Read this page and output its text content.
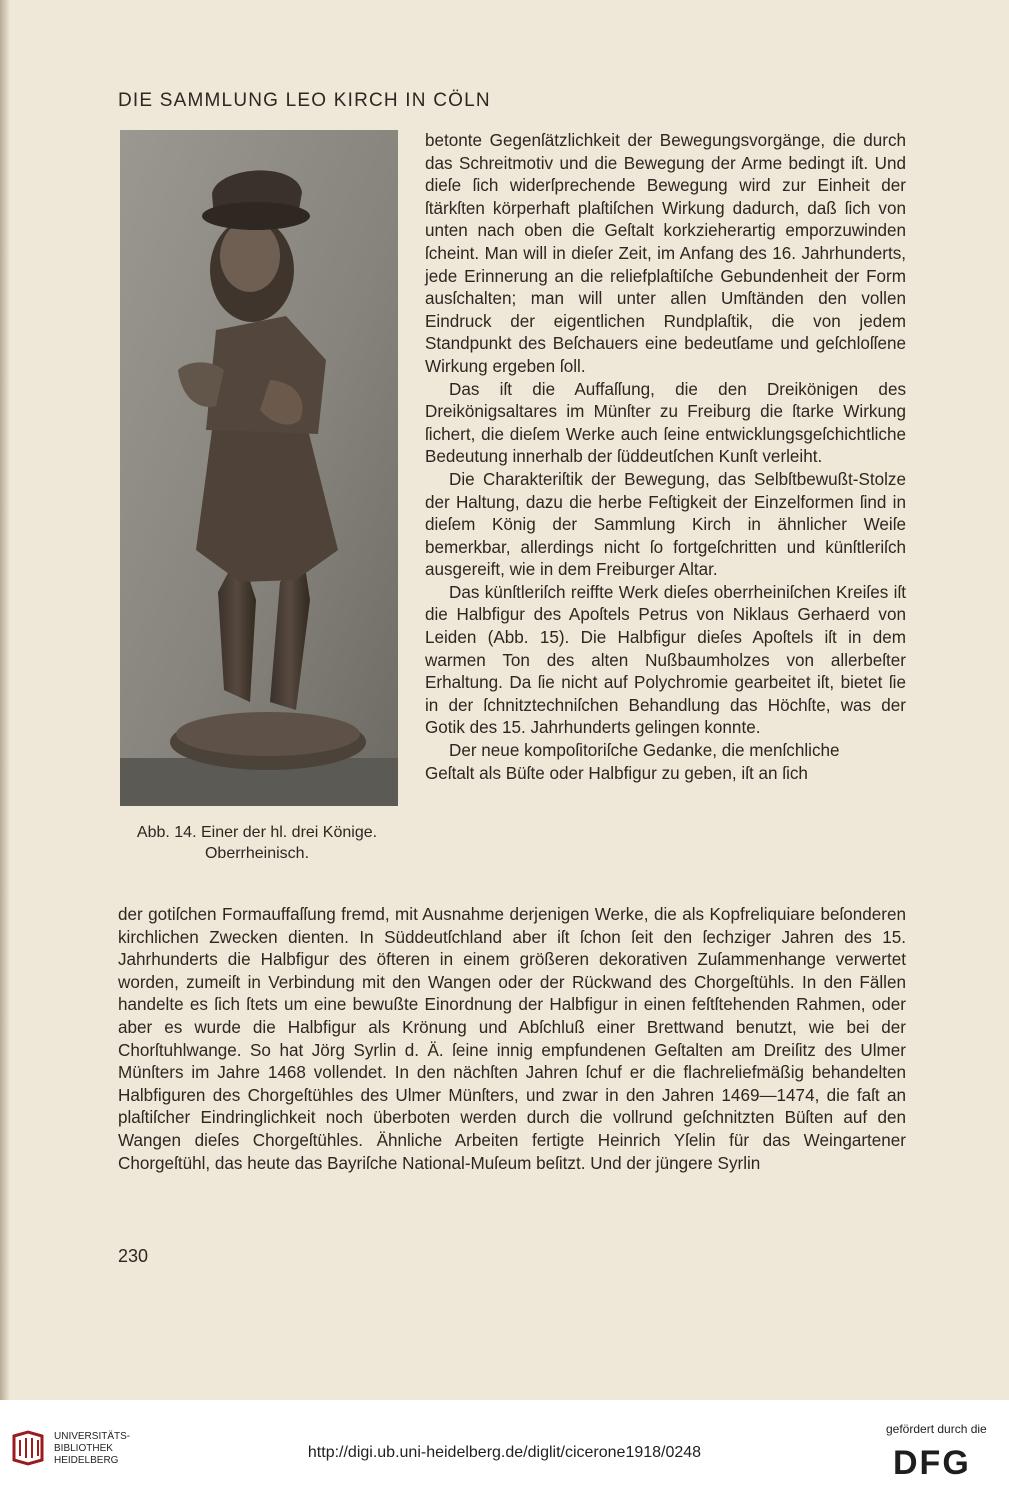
DIE SAMMLUNG LEO KIRCH IN CÖLN
Abb. 14. Einer der hl. drei Könige.
Oberrheinisch.

betonte Gegenſätzlichkeit der Bewegungsvorgänge, die durch das Schreitmotiv und die Bewegung der Arme bedingt iſt. Und dieſe ſich widerſprechende Bewegung wird zur Einheit der ſtärkſten körperhaft plaſtiſchen Wirkung dadurch, daß ſich von unten nach oben die Geſtalt korkzieherartig emporzuwinden ſcheint. Man will in dieſer Zeit, im Anfang des 16. Jahrhunderts, jede Erinnerung an die reliefplaſtiſche Gebundenheit der Form ausſchalten; man will unter allen Umſtänden den vollen Eindruck der eigentlichen Rundplaſtik, die von jedem Standpunkt des Beſchauers eine bedeutſame und geſchloſſene Wirkung ergeben ſoll.

Das iſt die Auffaſſung, die den Dreikönigen des Dreikönigsaltares im Münſter zu Freiburg die ſtarke Wirkung ſichert, die dieſem Werke auch ſeine entwicklungsgeſchichtliche Bedeutung innerhalb der ſüddeutſchen Kunſt verleiht.

Die Charakteriſtik der Bewegung, das Selbſtbewußt-Stolze der Haltung, dazu die herbe Feſtigkeit der Einzelformen ſind in dieſem König der Sammlung Kirch in ähnlicher Weiſe bemerkbar, allerdings nicht ſo fortgeſchritten und künſtleriſch ausgereift, wie in dem Freiburger Altar.

Das künſtleriſch reiffte Werk dieſes oberrheiniſchen Kreiſes iſt die Halbfigur des Apoſtels Petrus von Niklaus Gerhaerd von Leiden (Abb. 15). Die Halbfigur dieſes Apoſtels iſt in dem warmen Ton des alten Nußbaumholzes von allerbeſter Erhaltung. Da ſie nicht auf Polychromie gearbeitet iſt, bietet ſie in der ſchnitztechniſchen Behandlung das Höchſte, was der Gotik des 15. Jahrhunderts gelingen konnte.

Der neue kompoſitoriſche Gedanke, die menſchliche

Geſtalt als Büſte oder Halbfigur zu geben, iſt an ſich

der gotiſchen Formauffaſſung fremd, mit Ausnahme derjenigen Werke, die als Kopfreliquiare beſonderen kirchlichen Zwecken dienten. In Süddeutſchland aber iſt ſchon ſeit den ſechziger Jahren des 15. Jahrhunderts die Halbfigur des öfteren in einem größeren dekorativen Zuſammenhange verwertet worden, zumeiſt in Verbindung mit den Wangen oder der Rückwand des Chorgeſtühls. In den Fällen handelte es ſich ſtets um eine bewußte Einordnung der Halbfigur in einen feſtſtehenden Rahmen, oder aber es wurde die Halbfigur als Krönung und Abſchluß einer Brettwand benutzt, wie bei der Chorſtuhlwange. So hat Jörg Syrlin d. Ä. ſeine innig empfundenen Geſtalten am Dreiſitz des Ulmer Münſters im Jahre 1468 vollendet. In den nächſten Jahren ſchuf er die flachreliefmäßig behandelten Halbfiguren des Chorgeſtühles des Ulmer Münſters, und zwar in den Jahren 1469—1474, die faſt an plaſtiſcher Eindringlichkeit noch überboten werden durch die vollrund geſchnitzten Büſten auf den Wangen dieſes Chorgeſtühles. Ähnliche Arbeiten fertigte Heinrich Yſelin für das Weingartener Chorgeſtühl, das heute das Bayriſche National-Muſeum beſitzt. Und der jüngere Syrlin

230
UNIVERSITÄTS-
BIBLIOTHEK
HEIDELBERG	http://digi.ub.uni-heidelberg.de/diglit/cicerone1918/0248
gefördert durch die
DFG
